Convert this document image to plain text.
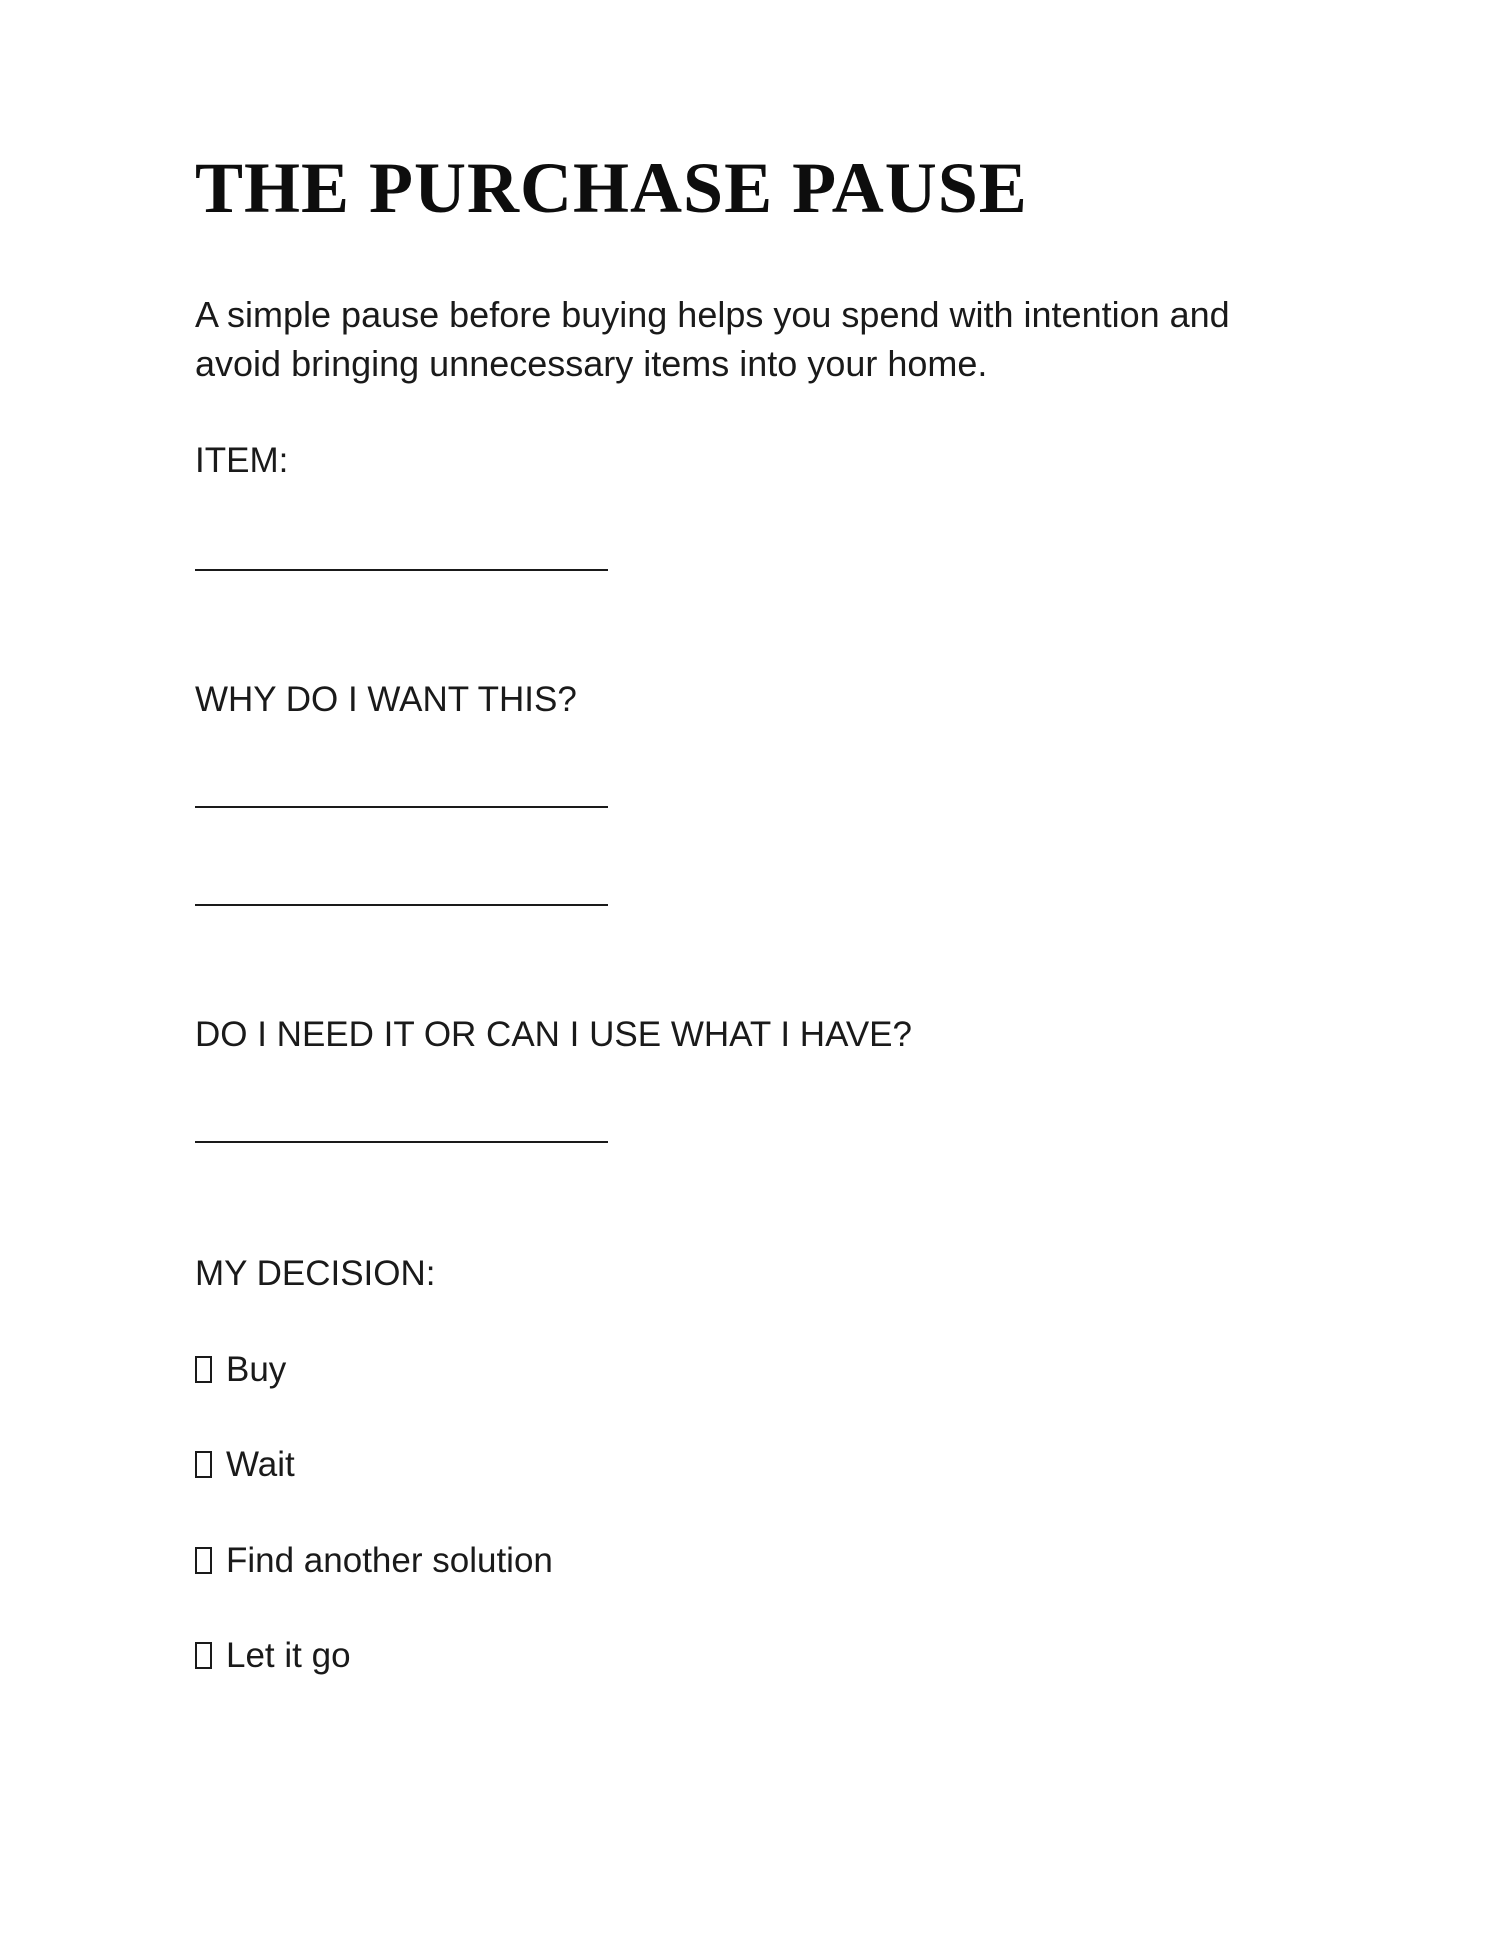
THE PURCHASE PAUSE

A simple pause before buying helps you spend with intention and avoid bringing unnecessary items into your home.

ITEM:
WHY DO I WANT THIS?
DO I NEED IT OR CAN I USE WHAT I HAVE?
MY DECISION:
Buy
Wait
Find another solution
Let it go
